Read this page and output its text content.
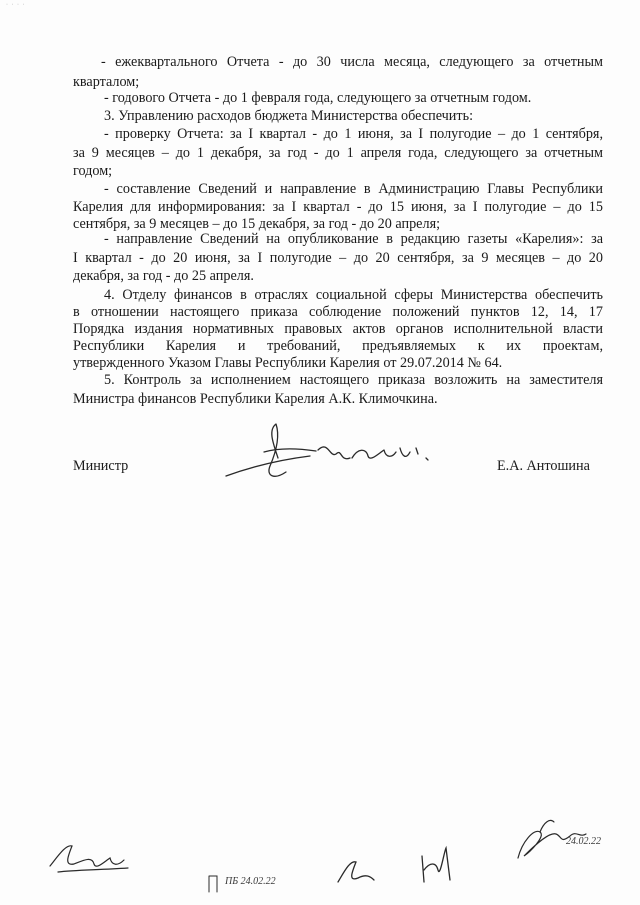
· · · ·
- ежеквартального Отчета - до 30 числа месяца, следующего за отчетным
кварталом;
- годового Отчета - до 1 февраля года, следующего за отчетным годом.
3. Управлению расходов бюджета Министерства обеспечить:
- проверку Отчета: за I квартал - до 1 июня, за I полугодие – до 1 сентября,
за 9 месяцев – до 1 декабря, за год - до 1 апреля года, следующего за отчетным
годом;
- составление Сведений и направление в Администрацию Главы Республики
Карелия для информирования: за I квартал - до 15 июня, за I полугодие – до 15
сентября, за 9 месяцев – до 15 декабря, за год - до 20 апреля;
- направление Сведений на опубликование в редакцию газеты «Карелия»: за
I квартал - до 20 июня, за I полугодие – до 20 сентября, за 9 месяцев – до 20
декабря, за год - до 25 апреля.
4. Отделу финансов в отраслях социальной сферы Министерства обеспечить
в отношении настоящего приказа соблюдение положений пунктов 12, 14, 17
Порядка издания нормативных правовых актов органов исполнительной власти
Республики Карелия и требований, предъявляемых к их проектам,
утвержденного Указом Главы Республики Карелия от 29.07.2014 № 64.
5. Контроль за исполнением настоящего приказа возложить на заместителя
Министра финансов Республики Карелия А.К. Климочкина.
Министр	Е.А. Антошина
ПБ 24.02.22
24.02.22
